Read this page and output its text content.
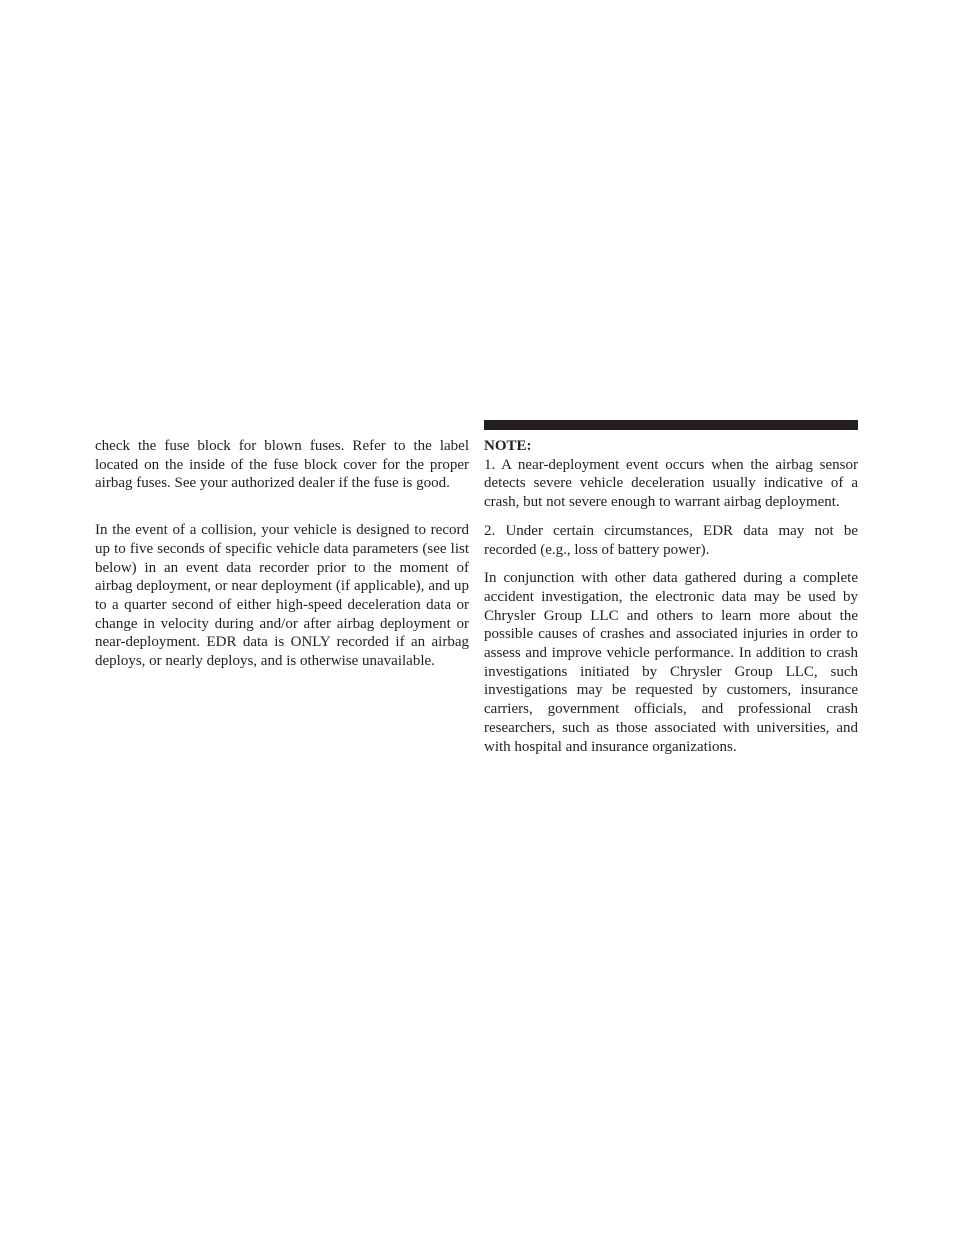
check the fuse block for blown fuses. Refer to the label located on the inside of the fuse block cover for the proper airbag fuses. See your authorized dealer if the fuse is good.

In the event of a collision, your vehicle is designed to record up to five seconds of specific vehicle data parameters (see list below) in an event data recorder prior to the moment of airbag deployment, or near deployment (if applicable), and up to a quarter second of either high-speed deceleration data or change in velocity during and/or after airbag deployment or near-deployment. EDR data is ONLY recorded if an airbag deploys, or nearly deploys, and is otherwise unavailable.

NOTE:

1. A near-deployment event occurs when the airbag sensor detects severe vehicle deceleration usually indicative of a crash, but not severe enough to warrant airbag deployment.

2. Under certain circumstances, EDR data may not be recorded (e.g., loss of battery power).

In conjunction with other data gathered during a complete accident investigation, the electronic data may be used by Chrysler Group LLC and others to learn more about the possible causes of crashes and associated injuries in order to assess and improve vehicle performance. In addition to crash investigations initiated by Chrysler Group LLC, such investigations may be requested by customers, insurance carriers, government officials, and professional crash researchers, such as those associated with universities, and with hospital and insurance organizations.
